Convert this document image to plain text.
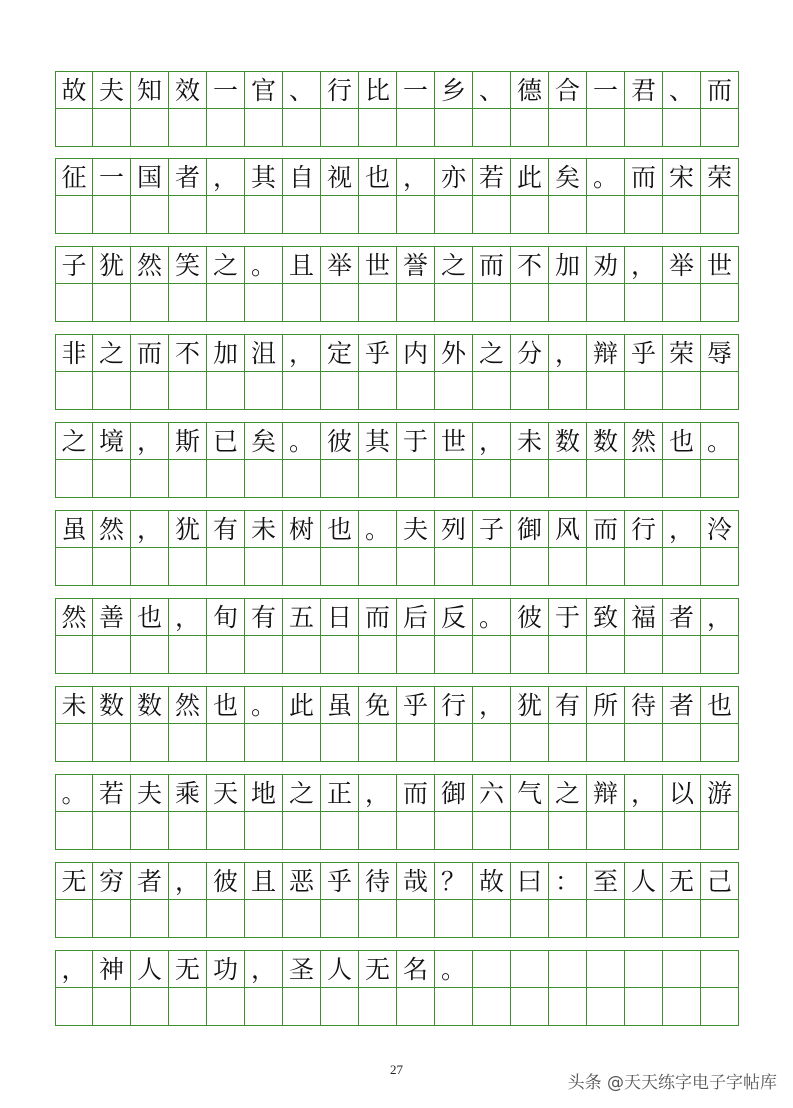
故 夫 知 效 一 官 、 行 比 一 乡 、 德 合 一 君 、 而
征 一 国 者 ， 其 自 视 也 ， 亦 若 此 矣 。 而 宋 荣
子 犹 然 笑 之 。 且 举 世 誉 之 而 不 加 劝 ， 举 世
非 之 而 不 加 沮 ， 定 乎 内 外 之 分 ， 辩 乎 荣 辱
之 境 ， 斯 已 矣 。 彼 其 于 世 ， 未 数 数 然 也 。
虽 然 ， 犹 有 未 树 也 。 夫 列 子 御 风 而 行 ， 泠
然 善 也 ， 旬 有 五 日 而 后 反 。 彼 于 致 福 者 ，
未 数 数 然 也 。 此 虽 免 乎 行 ， 犹 有 所 待 者 也
。 若 夫 乘 天 地 之 正 ， 而 御 六 气 之 辩 ， 以 游
无 穷 者 ， 彼 且 恶 乎 待 哉 ？ 故 曰 ： 至 人 无 己
， 神 人 无 功 ， 圣 人 无 名 。
27
头条 @天天练字电子字帖库
